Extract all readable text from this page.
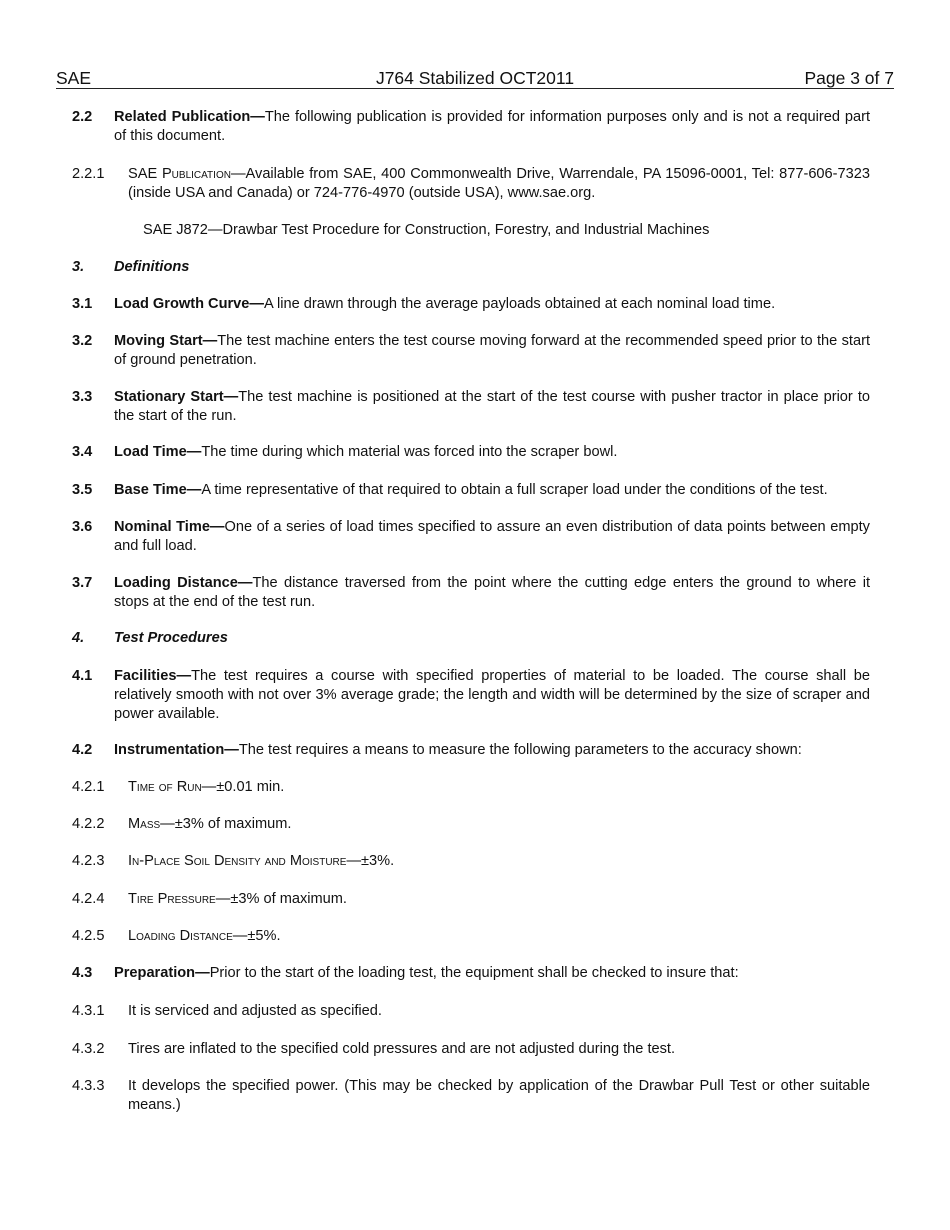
SAE	J764 Stabilized OCT2011	Page 3 of 7
2.2 Related Publication—The following publication is provided for information purposes only and is not a required part of this document.
2.2.1 SAE Publication—Available from SAE, 400 Commonwealth Drive, Warrendale, PA 15096-0001, Tel: 877-606-7323 (inside USA and Canada) or 724-776-4970 (outside USA), www.sae.org.
SAE J872—Drawbar Test Procedure for Construction, Forestry, and Industrial Machines
3. Definitions
3.1 Load Growth Curve—A line drawn through the average payloads obtained at each nominal load time.
3.2 Moving Start—The test machine enters the test course moving forward at the recommended speed prior to the start of ground penetration.
3.3 Stationary Start—The test machine is positioned at the start of the test course with pusher tractor in place prior to the start of the run.
3.4 Load Time—The time during which material was forced into the scraper bowl.
3.5 Base Time—A time representative of that required to obtain a full scraper load under the conditions of the test.
3.6 Nominal Time—One of a series of load times specified to assure an even distribution of data points between empty and full load.
3.7 Loading Distance—The distance traversed from the point where the cutting edge enters the ground to where it stops at the end of the test run.
4. Test Procedures
4.1 Facilities—The test requires a course with specified properties of material to be loaded. The course shall be relatively smooth with not over 3% average grade; the length and width will be determined by the size of scraper and power available.
4.2 Instrumentation—The test requires a means to measure the following parameters to the accuracy shown:
4.2.1 Time of Run—±0.01 min.
4.2.2 Mass—±3% of maximum.
4.2.3 In-Place Soil Density and Moisture—±3%.
4.2.4 Tire Pressure—±3% of maximum.
4.2.5 Loading Distance—±5%.
4.3 Preparation—Prior to the start of the loading test, the equipment shall be checked to insure that:
4.3.1 It is serviced and adjusted as specified.
4.3.2 Tires are inflated to the specified cold pressures and are not adjusted during the test.
4.3.3 It develops the specified power. (This may be checked by application of the Drawbar Pull Test or other suitable means.)
